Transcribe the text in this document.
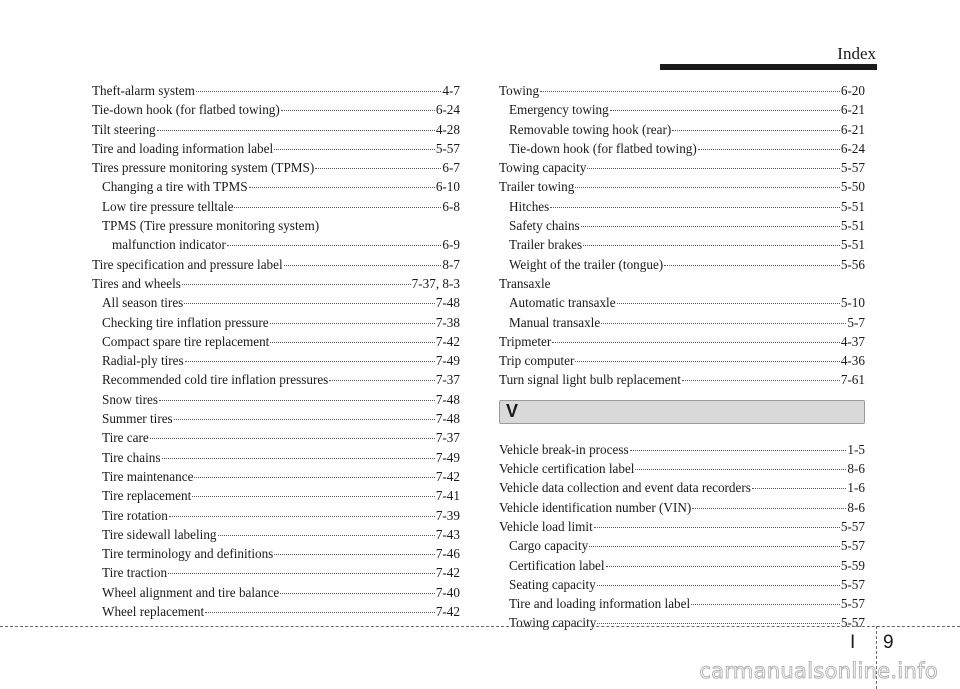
Index
Theft-alarm system	4-7
Tie-down hook (for flatbed towing)	6-24
Tilt steering	4-28
Tire and loading information label	5-57
Tires pressure monitoring system (TPMS)	6-7
Changing a tire with TPMS	6-10
Low tire pressure telltale	6-8
TPMS (Tire pressure monitoring system)
malfunction indicator	6-9
Tire specification and pressure label	8-7
Tires and wheels	7-37, 8-3
All season tires	7-48
Checking tire inflation pressure	7-38
Compact spare tire replacement	7-42
Radial-ply tires	7-49
Recommended cold tire inflation pressures	7-37
Snow tires	7-48
Summer tires	7-48
Tire care	7-37
Tire chains	7-49
Tire maintenance	7-42
Tire replacement	7-41
Tire rotation	7-39
Tire sidewall labeling	7-43
Tire terminology and definitions	7-46
Tire traction	7-42
Wheel alignment and tire balance	7-40
Wheel replacement	7-42
Towing	6-20
Emergency towing	6-21
Removable towing hook (rear)	6-21
Tie-down hook (for flatbed towing)	6-24
Towing capacity	5-57
Trailer towing	5-50
Hitches	5-51
Safety chains	5-51
Trailer brakes	5-51
Weight of the trailer (tongue)	5-56
Transaxle
Automatic transaxle	5-10
Manual transaxle	5-7
Tripmeter	4-37
Trip computer	4-36
Turn signal light bulb replacement	7-61
V
Vehicle break-in process	1-5
Vehicle certification label	8-6
Vehicle data collection and event data recorders	1-6
Vehicle identification number (VIN)	8-6
Vehicle load limit	5-57
Cargo capacity	5-57
Certification label	5-59
Seating capacity	5-57
Tire and loading information label	5-57
Towing capacity	5-57
I 9
carmanualsonline.info
